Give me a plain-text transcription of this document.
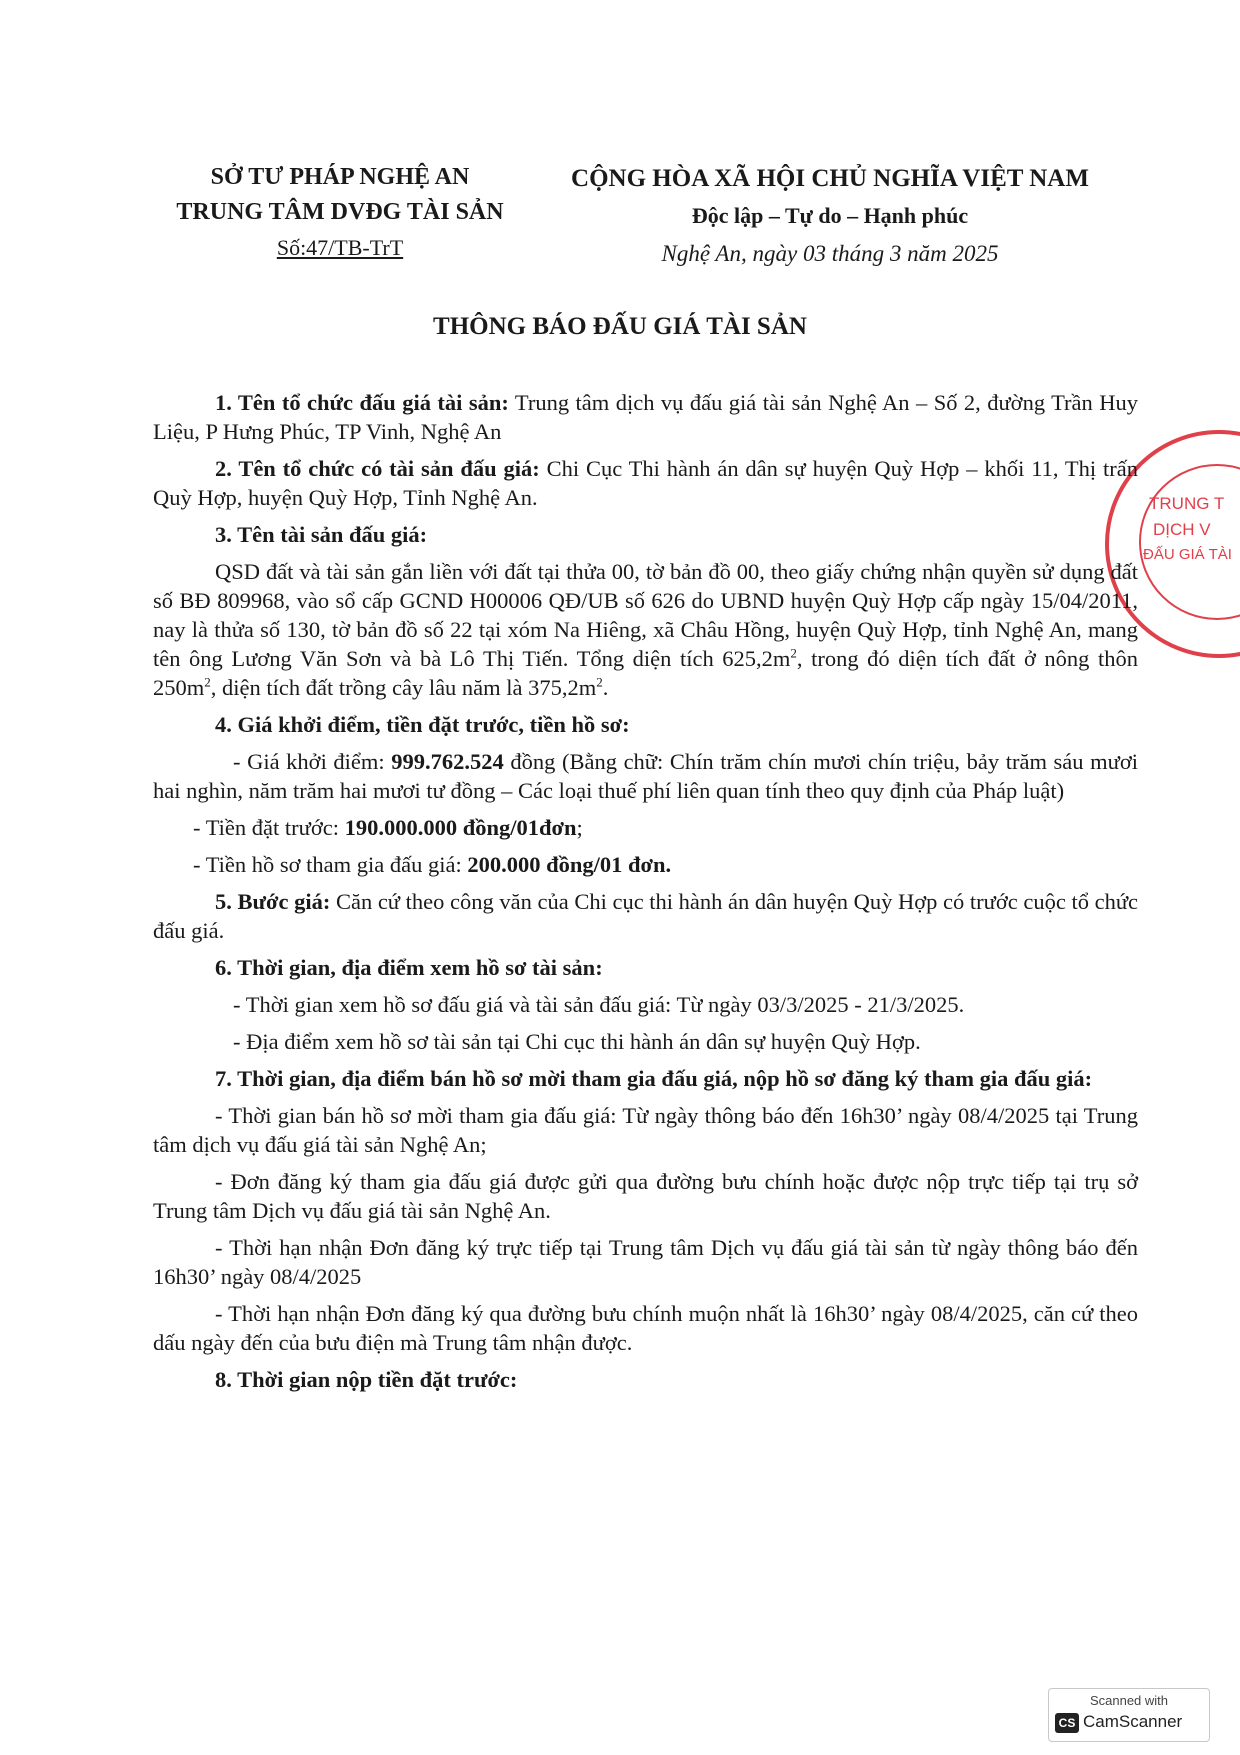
SỞ TƯ PHÁP NGHỆ AN
TRUNG TÂM DVĐG TÀI SẢN
Số:47/TB-TrT
CỘNG HÒA XÃ HỘI CHỦ NGHĨA VIỆT NAM
Độc lập – Tự do – Hạnh phúc
Nghệ An, ngày 03 tháng 3 năm 2025
THÔNG BÁO ĐẤU GIÁ TÀI SẢN
TRUNG T
DỊCH V
ĐẤU GIÁ TÀI

1. Tên tổ chức đấu giá tài sản: Trung tâm dịch vụ đấu giá tài sản Nghệ An – Số 2, đường Trần Huy Liệu, P Hưng Phúc, TP Vinh, Nghệ An

2. Tên tổ chức có tài sản đấu giá: Chi Cục Thi hành án dân sự huyện Quỳ Hợp – khối 11, Thị trấn Quỳ Hợp, huyện Quỳ Hợp, Tỉnh Nghệ An.

3. Tên tài sản đấu giá:

QSD đất và tài sản gắn liền với đất tại thửa 00, tờ bản đồ 00, theo giấy chứng nhận quyền sử dụng đất số BĐ 809968, vào sổ cấp GCND H00006 QĐ/UB số 626 do UBND huyện Quỳ Hợp cấp ngày 15/04/2011, nay là thửa số 130, tờ bản đồ số 22 tại xóm Na Hiêng, xã Châu Hồng, huyện Quỳ Hợp, tỉnh Nghệ An, mang tên ông Lương Văn Sơn và bà Lô Thị Tiến. Tổng diện tích $625,2m^2$, trong đó diện tích đất ở nông thôn $250m^2$, diện tích đất trồng cây lâu năm là $375,2m^2$.

4. Giá khởi điểm, tiền đặt trước, tiền hồ sơ:

- Giá khởi điểm: 999.762.524 đồng (Bằng chữ: Chín trăm chín mươi chín triệu, bảy trăm sáu mươi hai nghìn, năm trăm hai mươi tư đồng – Các loại thuế phí liên quan tính theo quy định của Pháp luật)

- Tiền đặt trước: 190.000.000 đồng/01đơn;

- Tiền hồ sơ tham gia đấu giá: 200.000 đồng/01 đơn.

5. Bước giá: Căn cứ theo công văn của Chi cục thi hành án dân huyện Quỳ Hợp có trước cuộc tổ chức đấu giá.

6. Thời gian, địa điểm xem hồ sơ tài sản:

- Thời gian xem hồ sơ đấu giá và tài sản đấu giá: Từ ngày 03/3/2025 - 21/3/2025.

- Địa điểm xem hồ sơ tài sản tại Chi cục thi hành án dân sự huyện Quỳ Hợp.

7. Thời gian, địa điểm bán hồ sơ mời tham gia đấu giá, nộp hồ sơ đăng ký tham gia đấu giá:

- Thời gian bán hồ sơ mời tham gia đấu giá: Từ ngày thông báo đến 16h30’ ngày 08/4/2025 tại Trung tâm dịch vụ đấu giá tài sản Nghệ An;

- Đơn đăng ký tham gia đấu giá được gửi qua đường bưu chính hoặc được nộp trực tiếp tại trụ sở Trung tâm Dịch vụ đấu giá tài sản Nghệ An.

- Thời hạn nhận Đơn đăng ký trực tiếp tại Trung tâm Dịch vụ đấu giá tài sản từ ngày thông báo đến 16h30’ ngày 08/4/2025

- Thời hạn nhận Đơn đăng ký qua đường bưu chính muộn nhất là 16h30’ ngày 08/4/2025, căn cứ theo dấu ngày đến của bưu điện mà Trung tâm nhận được.

8. Thời gian nộp tiền đặt trước:

Scanned with
CS CamScanner
